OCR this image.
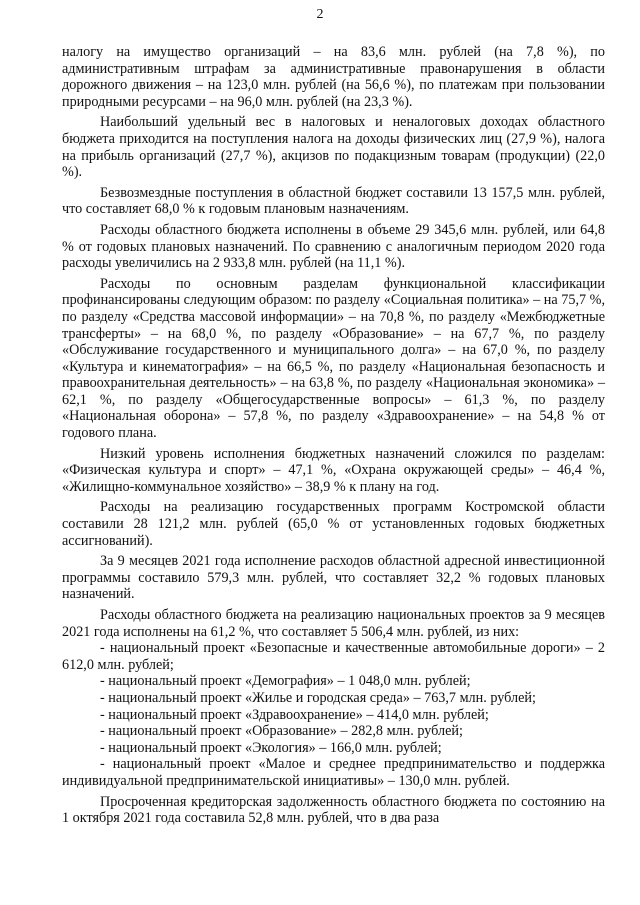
2

налогу на имущество организаций – на 83,6 млн. рублей (на 7,8 %), по административным штрафам за административные правонарушения в области дорожного движения – на 123,0 млн. рублей (на 56,6 %), по платежам при пользовании природными ресурсами – на 96,0 млн. рублей (на 23,3 %).

Наибольший удельный вес в налоговых и неналоговых доходах областного бюджета приходится на поступления налога на доходы физических лиц (27,9 %), налога на прибыль организаций (27,7 %), акцизов по подакцизным товарам (продукции) (22,0 %).

Безвозмездные поступления в областной бюджет составили 13 157,5 млн. рублей, что составляет 68,0 % к годовым плановым назначениям.

Расходы областного бюджета исполнены в объеме 29 345,6 млн. рублей, или 64,8 % от годовых плановых назначений. По сравнению с аналогичным периодом 2020 года расходы увеличились на 2 933,8 млн. рублей (на 11,1 %).

Расходы по основным разделам функциональной классификации профинансированы следующим образом: по разделу «Социальная политика» – на 75,7 %, по разделу «Средства массовой информации» – на 70,8 %, по разделу «Межбюджетные трансферты» – на 68,0 %, по разделу «Образование» – на 67,7 %, по разделу «Обслуживание государственного и муниципального долга» – на 67,0 %, по разделу «Культура и кинематография» – на 66,5 %, по разделу «Национальная безопасность и правоохранительная деятельность» – на 63,8 %, по разделу «Национальная экономика» – 62,1 %, по разделу «Общегосударственные вопросы» – 61,3 %, по разделу «Национальная оборона» – 57,8 %, по разделу «Здравоохранение» – на 54,8 % от годового плана.

Низкий уровень исполнения бюджетных назначений сложился по разделам: «Физическая культура и спорт» – 47,1 %, «Охрана окружающей среды» – 46,4 %, «Жилищно-коммунальное хозяйство» – 38,9 % к плану на год.

Расходы на реализацию государственных программ Костромской области составили 28 121,2 млн. рублей (65,0 % от установленных годовых бюджетных ассигнований).

За 9 месяцев 2021 года исполнение расходов областной адресной инвестиционной программы составило 579,3 млн. рублей, что составляет 32,2 % годовых плановых назначений.

Расходы областного бюджета на реализацию национальных проектов за 9 месяцев 2021 года исполнены на 61,2 %, что составляет 5 506,4 млн. рублей, из них:

- национальный проект «Безопасные и качественные автомобильные дороги» – 2 612,0 млн. рублей;

- национальный проект «Демография» – 1 048,0 млн. рублей;

- национальный проект «Жилье и городская среда» – 763,7 млн. рублей;

- национальный проект «Здравоохранение» – 414,0 млн. рублей;

- национальный проект «Образование» – 282,8 млн. рублей;

- национальный проект «Экология» – 166,0 млн. рублей;

- национальный проект «Малое и среднее предпринимательство и поддержка индивидуальной предпринимательской инициативы» – 130,0 млн. рублей.

Просроченная кредиторская задолженность областного бюджета по состоянию на 1 октября 2021 года составила 52,8 млн. рублей, что в два раза
